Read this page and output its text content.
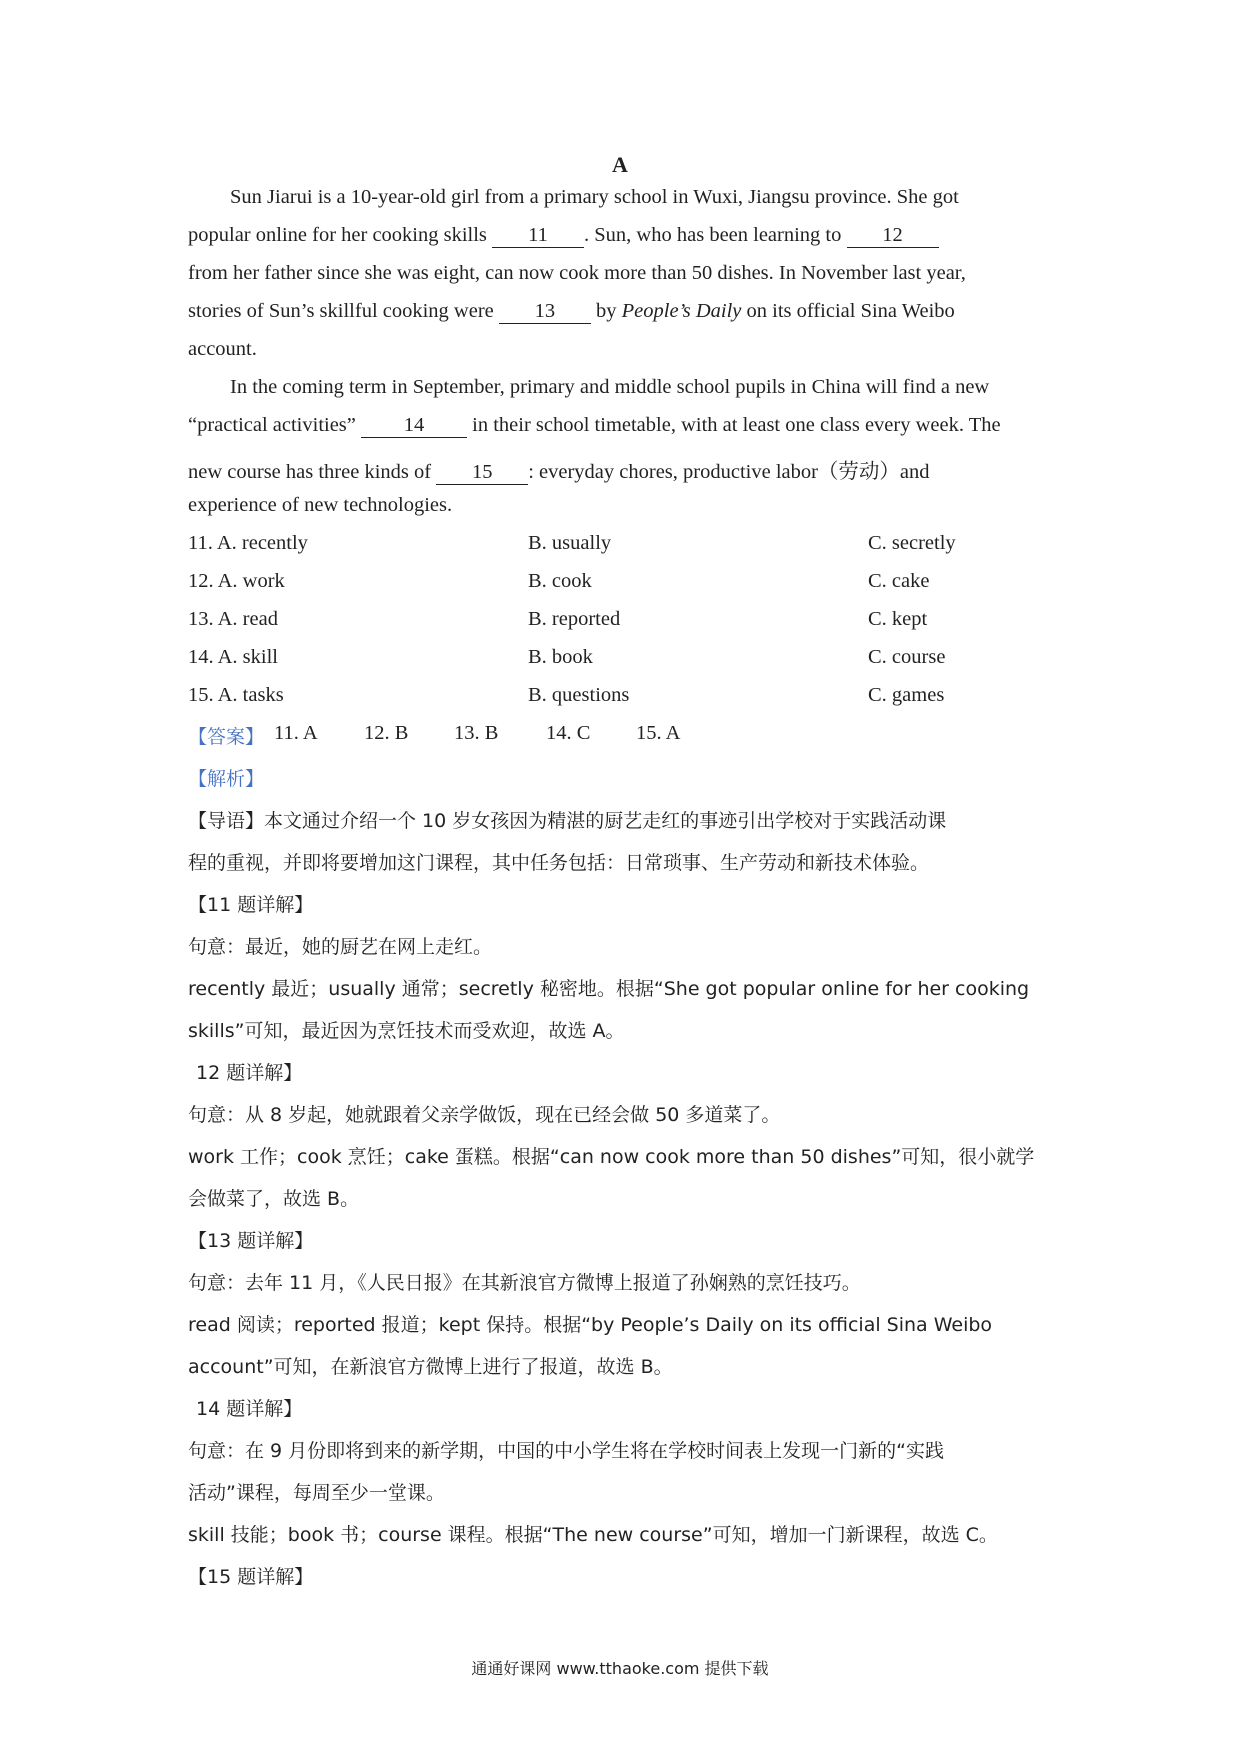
A
Sun Jiarui is a 10-year-old girl from a primary school in Wuxi, Jiangsu province. She got
popular online for her cooking skills 11 . Sun, who has been learning to 12
from her father since she was eight, can now cook more than 50 dishes. In November last year,
stories of Sun’s skillful cooking were 13 by People’s Daily on its official Sina Weibo
account.
In the coming term in September, primary and middle school pupils in China will find a new
“practical activities” 14 in their school timetable, with at least one class every week. The
new course has three kinds of 15 : everyday chores, productive labor（劳动）and
experience of new technologies.
11. A. recently	B. usually	C. secretly
12. A. work	B. cook	C. cake
13. A. read	B. reported	C. kept
14. A. skill	B. book	C. course
15. A. tasks	B. questions	C. games
【答案】 11. A 12. B 13. B 14. C 15. A
【解析】
【导语】本文通过介绍一个 10 岁女孩因为精湛的厨艺走红的事迹引出学校对于实践活动课
程的重视，并即将要增加这门课程，其中任务包括：日常琐事、生产劳动和新技术体验。
【11 题详解】
句意：最近，她的厨艺在网上走红。
recently 最近；usually 通常；secretly 秘密地。根据“She got popular online for her cooking
skills”可知，最近因为烹饪技术而受欢迎，故选 A。
12 题详解】
句意：从 8 岁起，她就跟着父亲学做饭，现在已经会做 50 多道菜了。
work 工作；cook 烹饪；cake 蛋糕。根据“can now cook more than 50 dishes”可知，很小就学
会做菜了，故选 B。
【13 题详解】
句意：去年 11 月，《人民日报》在其新浪官方微博上报道了孙娴熟的烹饪技巧。
read 阅读；reported 报道；kept 保持。根据“by People’s Daily on its official Sina Weibo
account”可知，在新浪官方微博上进行了报道，故选 B。
14 题详解】
句意：在 9 月份即将到来的新学期，中国的中小学生将在学校时间表上发现一门新的“实践
活动”课程，每周至少一堂课。
skill 技能；book 书；course 课程。根据“The new course”可知，增加一门新课程，故选 C。
【15 题详解】
通通好课网 www.tthaoke.com 提供下载
